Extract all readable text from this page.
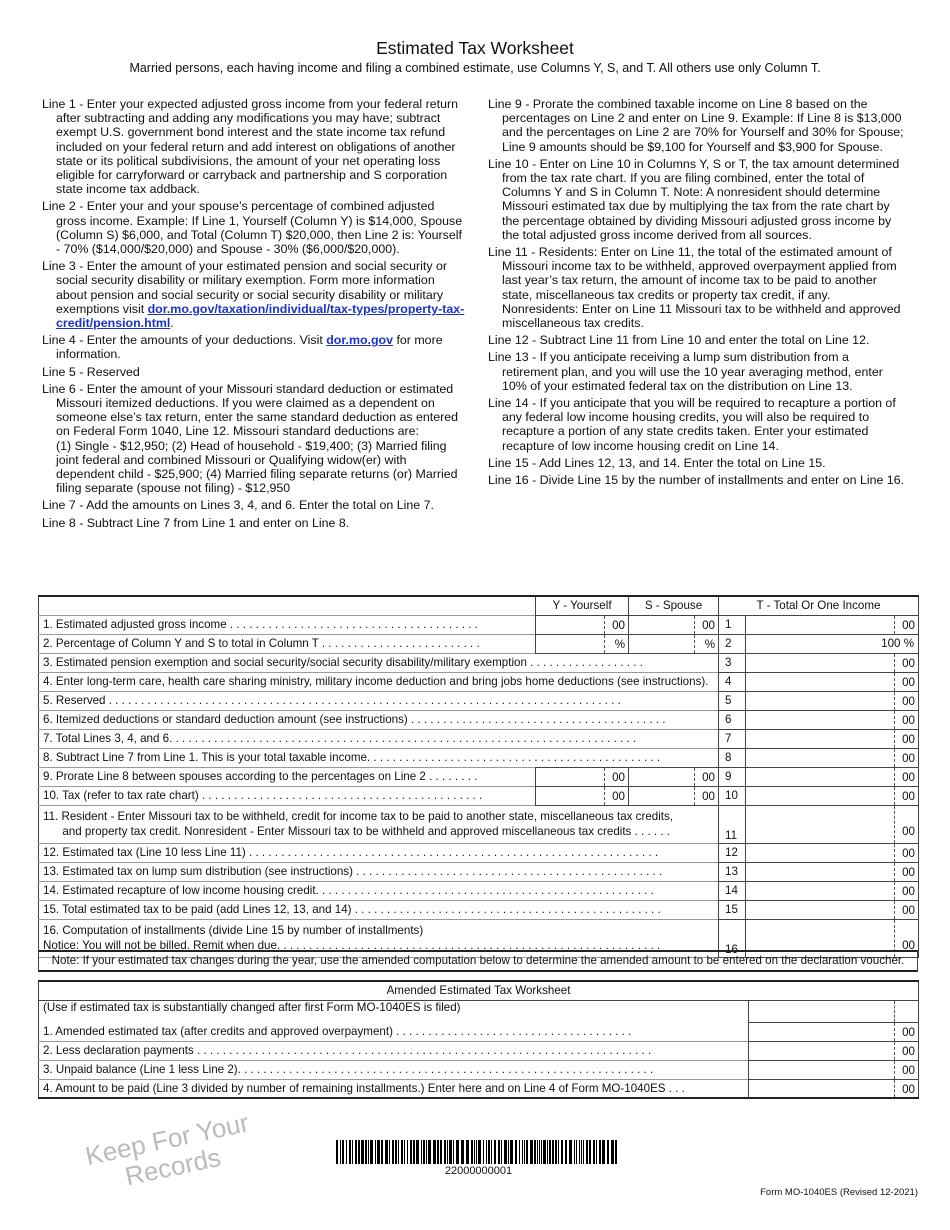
Estimated Tax Worksheet
Married persons, each having income and filing a combined estimate, use Columns Y, S, and T. All others use only Column T.

Line 1 - Enter your expected adjusted gross income from your federal return after subtracting and adding any modifications you may have; subtract exempt U.S. government bond interest and the state income tax refund included on your federal return and add interest on obligations of another state or its political subdivisions, the amount of your net operating loss eligible for carryforward or carryback and partnership and S corporation state income tax addback.

Line 2 - Enter your and your spouse’s percentage of combined adjusted gross income. Example: If Line 1, Yourself (Column Y) is $14,000, Spouse (Column S) $6,000, and Total (Column T) $20,000, then Line 2 is: Yourself - 70% ($14,000/$20,000) and Spouse - 30% ($6,000/$20,000).

Line 3 - Enter the amount of your estimated pension and social security or social security disability or military exemption. Form more information about pension and social security or social security disability or military exemptions visit dor.mo.gov/taxation/individual/tax-types/property-tax-credit/pension.html.

Line 4 - Enter the amounts of your deductions. Visit dor.mo.gov for more information.

Line 5 - Reserved

Line 6 - Enter the amount of your Missouri standard deduction or estimated Missouri itemized deductions. If you were claimed as a dependent on someone else’s tax return, enter the same standard deduction as entered on Federal Form 1040, Line 12. Missouri standard deductions are:
(1) Single - $12,950; (2) Head of household - $19,400; (3) Married filing joint federal and combined Missouri or Qualifying widow(er) with dependent child - $25,900; (4) Married filing separate returns (or) Married filing separate (spouse not filing) - $12,950

Line 7 - Add the amounts on Lines 3, 4, and 6. Enter the total on Line 7.

Line 8 - Subtract Line 7 from Line 1 and enter on Line 8.

Line 9 - Prorate the combined taxable income on Line 8 based on the percentages on Line 2 and enter on Line 9. Example: If Line 8 is $13,000 and the percentages on Line 2 are 70% for Yourself and 30% for Spouse; Line 9 amounts should be $9,100 for Yourself and $3,900 for Spouse.

Line 10 - Enter on Line 10 in Columns Y, S or T, the tax amount determined from the tax rate chart. If you are filing combined, enter the total of Columns Y and S in Column T. Note: A nonresident should determine Missouri estimated tax due by multiplying the tax from the rate chart by the percentage obtained by dividing Missouri adjusted gross income by the total adjusted gross income derived from all sources.

Line 11 - Residents: Enter on Line 11, the total of the estimated amount of Missouri income tax to be withheld, approved overpayment applied from last year’s tax return, the amount of income tax to be paid to another state, miscellaneous tax credits or property tax credit, if any. Nonresidents: Enter on Line 11 Missouri tax to be withheld and approved miscellaneous tax credits.

Line 12 - Subtract Line 11 from Line 10 and enter the total on Line 12.

Line 13 - If you anticipate receiving a lump sum distribution from a retirement plan, and you will use the 10 year averaging method, enter 10% of your estimated federal tax on the distribution on Line 13.

Line 14 - If you anticipate that you will be required to recapture a portion of any federal low income housing credits, you will also be required to recapture a portion of any state credits taken. Enter your estimated recapture of low income housing credit on Line 14.

Line 15 - Add Lines 12, 13, and 14. Enter the total on Line 15.

Line 16 - Divide Line 15 by the number of installments and enter on Line 16.

	Y - Yourself	S - Spouse	T - Total Or One Income	
1. Estimated adjusted gross income . . . . . . . . . . . . . . . . . . . . . . . . . . . . . . . . . . . . . . .	00	00	1	00

2. Percentage of Column Y and S to total in Column T . . . . . . . . . . . . . . . . . . . . . . . . .	%	%	2	100 %
3. Estimated pension exemption and social security/social security disability/military exemption . . . . . . . . . . . . . . . . . .			3	00

4. Enter long-term care, health care sharing ministry, military income deduction and bring jobs home deductions (see instructions).			4	00

5. Reserved . . . . . . . . . . . . . . . . . . . . . . . . . . . . . . . . . . . . . . . . . . . . . . . . . . . . . . . . . . . . . . . . . . . . . . . . . . . . . . . .			5	00

6. Itemized deductions or standard deduction amount (see instructions) . . . . . . . . . . . . . . . . . . . . . . . . . . . . . . . . . . . . . . . .			6	00

7. Total Lines 3, 4, and 6. . . . . . . . . . . . . . . . . . . . . . . . . . . . . . . . . . . . . . . . . . . . . . . . . . . . . . . . . . . . . . . . . . . . . . . . .			7	00

8. Subtract Line 7 from Line 1. This is your total taxable income. . . . . . . . . . . . . . . . . . . . . . . . . . . . . . . . . . . . . . . . . . . . . .			8	00

9. Prorate Line 8 between spouses according to the percentages on Line 2 . . . . . . . .	00	00	9	00

10. Tax (refer to tax rate chart) . . . . . . . . . . . . . . . . . . . . . . . . . . . . . . . . . . . . . . . . . . . .	00	00	10	00

11. Resident - Enter Missouri tax to be withheld, credit for income tax to be paid to another state, miscellaneous tax credits,
and property tax credit. Nonresident - Enter Missouri tax to be withheld and approved miscellaneous tax credits . . . . . .			11	00

12. Estimated tax (Line 10 less Line 11) . . . . . . . . . . . . . . . . . . . . . . . . . . . . . . . . . . . . . . . . . . . . . . . . . . . . . . . . . . . . . . . .			12	00

13. Estimated tax on lump sum distribution (see instructions) . . . . . . . . . . . . . . . . . . . . . . . . . . . . . . . . . . . . . . . . . . . . . . . .			13	00

14. Estimated recapture of low income housing credit. . . . . . . . . . . . . . . . . . . . . . . . . . . . . . . . . . . . . . . . . . . . . . . . . . . . .			14	00

15. Total estimated tax to be paid (add Lines 12, 13, and 14) . . . . . . . . . . . . . . . . . . . . . . . . . . . . . . . . . . . . . . . . . . . . . . . .			15	00

16. Computation of installments (divide Line 15 by number of installments)
Notice: You will not be billed. Remit when due. . . . . . . . . . . . . . . . . . . . . . . . . . . . . . . . . . . . . . . . . . . . . . . . . . . . . . . . . . . .			16	00
Note: If your estimated tax changes during the year, use the amended computation below to determine the amended amount to be entered on the declaration voucher.
Amended Estimated Tax Worksheet	
(Use if estimated tax is substantially changed after first Form MO-1040ES is filed)	

1. Amended estimated tax (after credits and approved overpayment) . . . . . . . . . . . . . . . . . . . . . . . . . . . . . . . . . . . . .	00

2. Less declaration payments . . . . . . . . . . . . . . . . . . . . . . . . . . . . . . . . . . . . . . . . . . . . . . . . . . . . . . . . . . . . . . . . . . . . . . .	00

3. Unpaid balance (Line 1 less Line 2). . . . . . . . . . . . . . . . . . . . . . . . . . . . . . . . . . . . . . . . . . . . . . . . . . . . . . . . . . . . . . . . .	00

4. Amount to be paid (Line 3 divided by number of remaining installments.) Enter here and on Line 4 of Form MO-1040ES . . .	00
Keep For Your Records	22000000001
Form MO-1040ES (Revised 12-2021)
